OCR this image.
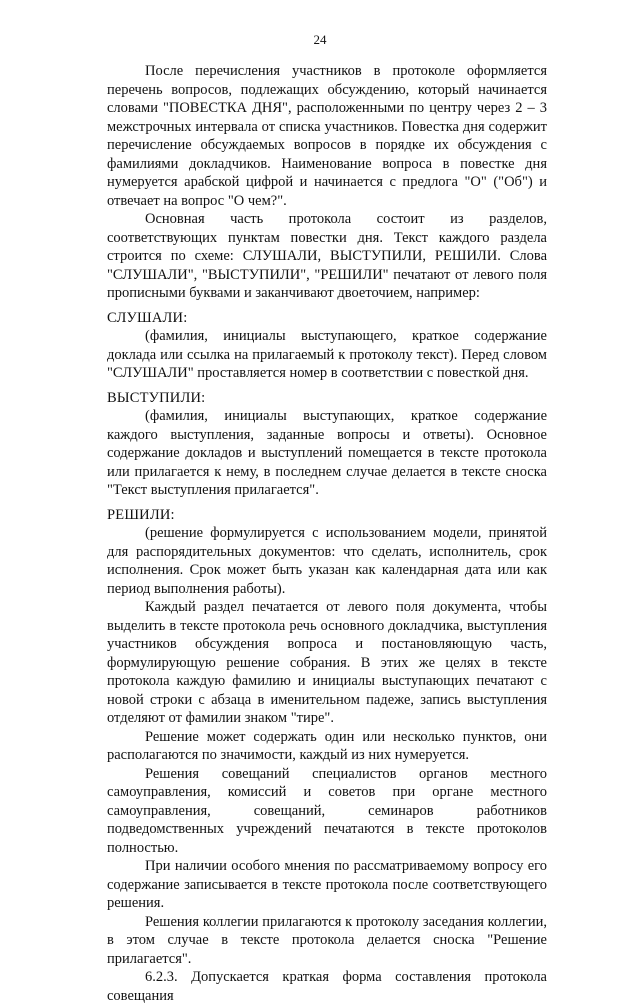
24

После перечисления участников в протоколе оформляется перечень вопросов, подлежащих обсуждению, который начинается словами "ПОВЕСТКА ДНЯ", расположенными по центру через 2 – 3 межстрочных интервала от списка участников. Повестка дня содержит перечисление обсуждаемых вопросов в порядке их обсуждения с фамилиями докладчиков. Наименование вопроса в повестке дня нумеруется арабской цифрой и начинается с предлога "О" ("Об") и отвечает на вопрос "О чем?".

Основная часть протокола состоит из разделов, соответствующих пунктам повестки дня. Текст каждого раздела строится по схеме: СЛУШАЛИ, ВЫСТУПИЛИ, РЕШИЛИ. Слова "СЛУШАЛИ", "ВЫСТУПИЛИ", "РЕШИЛИ" печатают от левого поля прописными буквами и заканчивают двоеточием, например:

СЛУШАЛИ:

(фамилия, инициалы выступающего, краткое содержание доклада или ссылка на прилагаемый к протоколу текст). Перед словом "СЛУШАЛИ" проставляется номер в соответствии с повесткой дня.

ВЫСТУПИЛИ:

(фамилия, инициалы выступающих, краткое содержание каждого выступления, заданные вопросы и ответы). Основное содержание докладов и выступлений помещается в тексте протокола или прилагается к нему, в последнем случае делается в тексте сноска "Текст выступления прилагается".

РЕШИЛИ:

(решение формулируется с использованием модели, принятой для распорядительных документов: что сделать, исполнитель, срок исполнения. Срок может быть указан как календарная дата или как период выполнения работы).

Каждый раздел печатается от левого поля документа, чтобы выделить в тексте протокола речь основного докладчика, выступления участников обсуждения вопроса и постановляющую часть, формулирующую решение собрания. В этих же целях в тексте протокола каждую фамилию и инициалы выступающих печатают с новой строки с абзаца в именительном падеже, запись выступления отделяют от фамилии знаком "тире".

Решение может содержать один или несколько пунктов, они располагаются по значимости, каждый из них нумеруется.

Решения совещаний специалистов органов местного самоуправления, комиссий и советов при органе местного самоуправления, совещаний, семинаров работников подведомственных учреждений печатаются в тексте протоколов полностью.

При наличии особого мнения по рассматриваемому вопросу его содержание записывается в тексте протокола после соответствующего решения.

Решения коллегии прилагаются к протоколу заседания коллегии, в этом случае в тексте протокола делается сноска "Решение прилагается".

6.2.3. Допускается краткая форма составления протокола совещания
